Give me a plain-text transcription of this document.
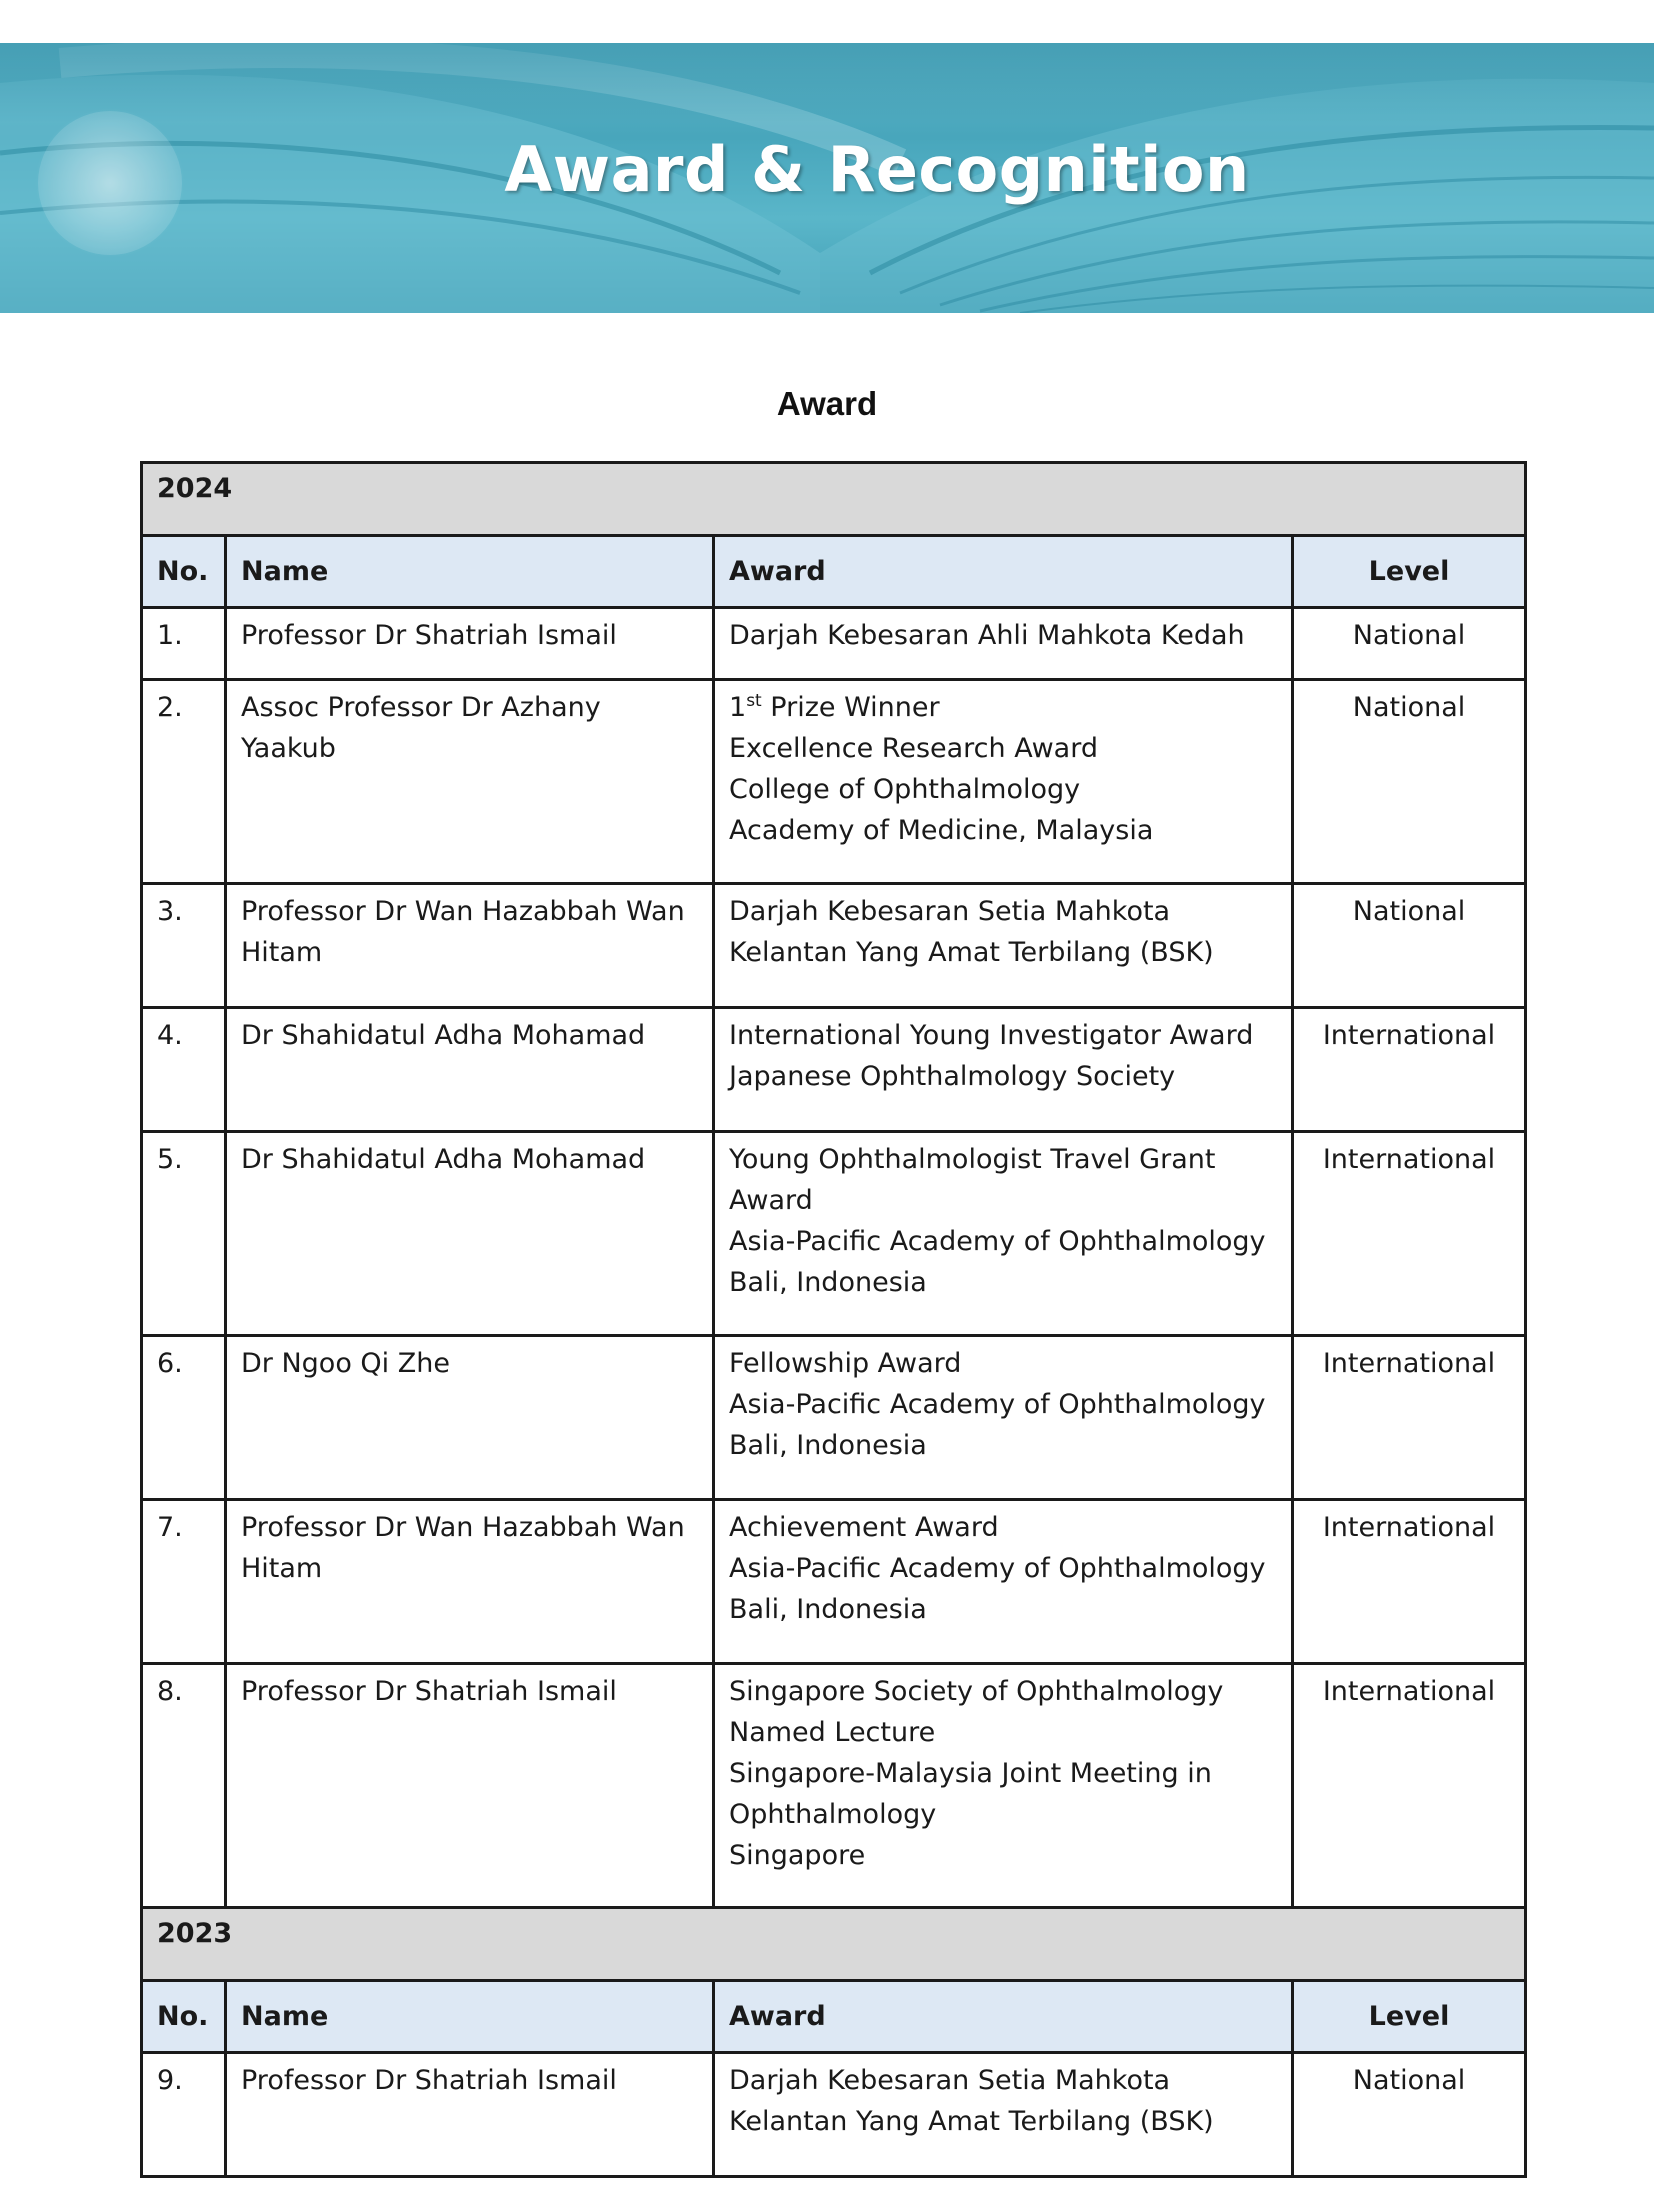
Award & Recognition
Award
2024			
No.	Name	Award	Level
1.	Professor Dr Shatriah Ismail	Darjah Kebesaran Ahli Mahkota Kedah	National
2.	Assoc Professor Dr Azhany Yaakub	1st Prize Winner
Excellence Research Award
College of Ophthalmology
Academy of Medicine, Malaysia	National
3.	Professor Dr Wan Hazabbah Wan Hitam	Darjah Kebesaran Setia Mahkota Kelantan Yang Amat Terbilang (BSK)	National
4.	Dr Shahidatul Adha Mohamad	International Young Investigator Award
Japanese Ophthalmology Society	International
5.	Dr Shahidatul Adha Mohamad	Young Ophthalmologist Travel Grant Award
Asia-Pacific Academy of Ophthalmology
Bali, Indonesia	International
6.	Dr Ngoo Qi Zhe	Fellowship Award
Asia-Pacific Academy of Ophthalmology
Bali, Indonesia	International
7.	Professor Dr Wan Hazabbah Wan Hitam	Achievement Award
Asia-Pacific Academy of Ophthalmology
Bali, Indonesia	International
8.	Professor Dr Shatriah Ismail	Singapore Society of Ophthalmology Named Lecture
Singapore-Malaysia Joint Meeting in Ophthalmology
Singapore	International
2023			
No.	Name	Award	Level
9.	Professor Dr Shatriah Ismail	Darjah Kebesaran Setia Mahkota Kelantan Yang Amat Terbilang (BSK)	National
